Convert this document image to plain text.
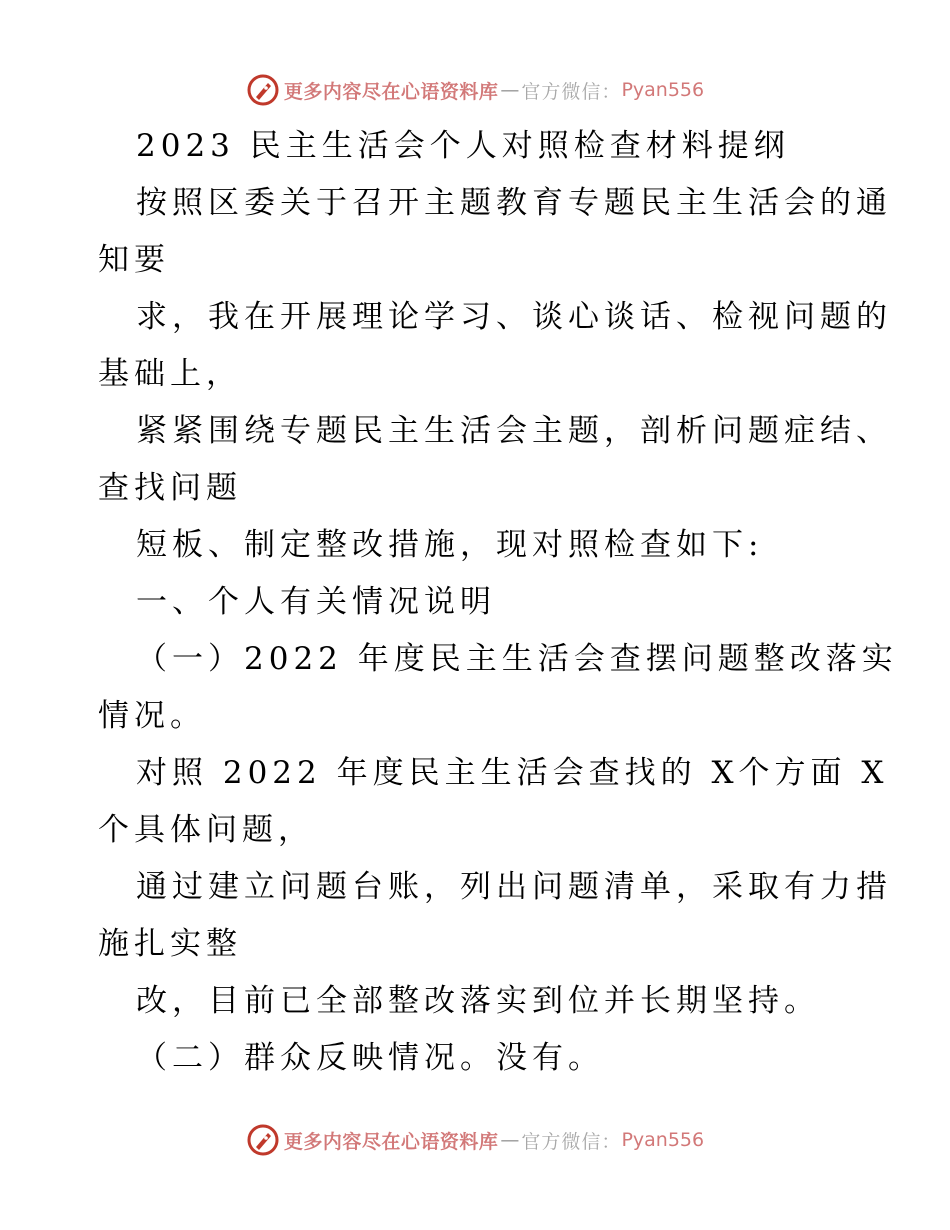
更多内容尽在心语资料库 — 官方微信： Pyan556
2023 民主生活会个人对照检查材料提纲
按照区委关于召开主题教育专题民主生活会的通
知要
求，我在开展理论学习、谈心谈话、检视问题的
基础上，
紧紧围绕专题民主生活会主题，剖析问题症结、
查找问题
短板、制定整改措施，现对照检查如下:
一、个人有关情况说明
（一）2022 年度民主生活会查摆问题整改落实
情况。
对照 2022 年度民主生活会查找的 X个方面 X
个具体问题，
通过建立问题台账，列出问题清单，采取有力措
施扎实整
改，目前已全部整改落实到位并长期坚持。
（二）群众反映情况。没有。
更多内容尽在心语资料库 — 官方微信： Pyan556
